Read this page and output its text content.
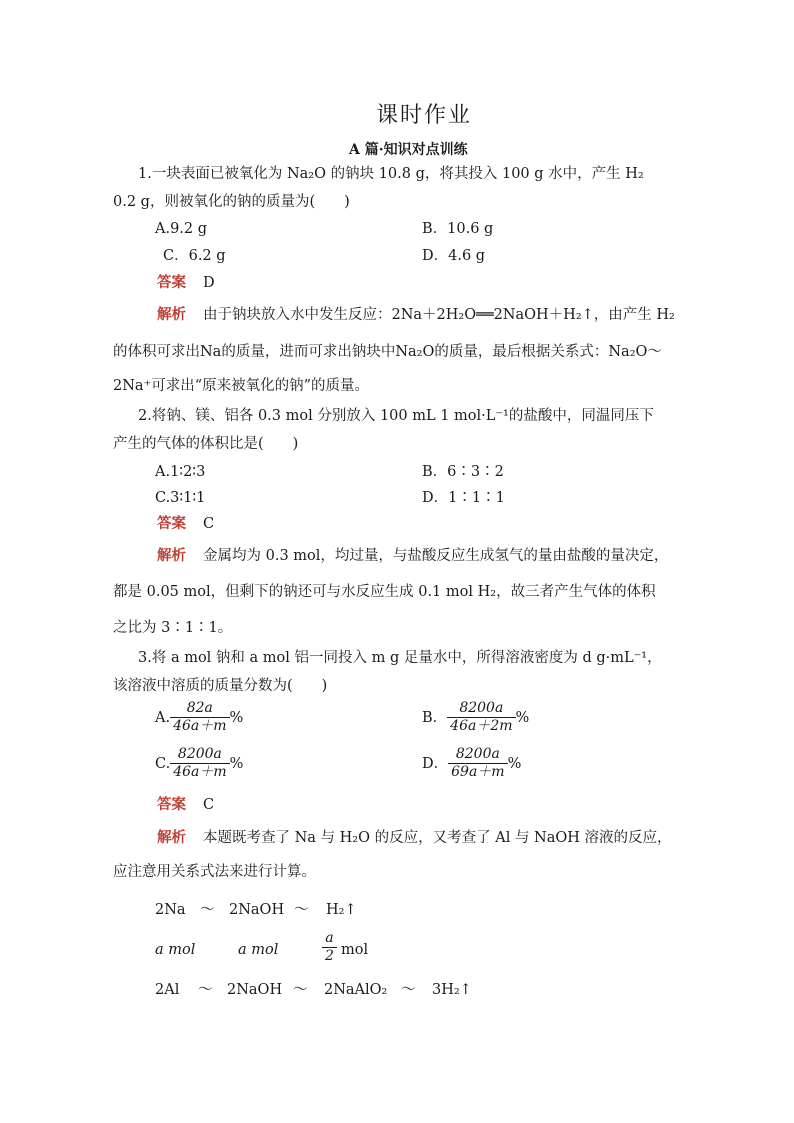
课时作业
A 篇·知识对点训练
1.一块表面已被氧化为 Na₂O 的钠块 10.8 g，将其投入 100 g 水中，产生 H₂
0.2 g，则被氧化的钠的质量为(　　)
A.9.2 g	B．10.6 g
C．6.2 g	D．4.6 g
答案 D
解析 由于钠块放入水中发生反应：2Na＋2H₂O══2NaOH＋H₂↑，由产生 H₂
的体积可求出Na的质量，进而可求出钠块中Na₂O的质量，最后根据关系式：Na₂O～
2Na⁺可求出“原来被氧化的钠”的质量。
2.将钠、镁、铝各 0.3 mol 分别放入 100 mL 1 mol·L⁻¹的盐酸中，同温同压下
产生的气体的体积比是(　　)
A.1∶2∶3	B．6∶3∶2
C.3∶1∶1	D．1∶1∶1
答案 C
解析 金属均为 0.3 mol，均过量，与盐酸反应生成氢气的量由盐酸的量决定，
都是 0.05 mol，但剩下的钠还可与水反应生成 0.1 mol H₂，故三者产生气体的体积
之比为 3∶1∶1。
3.将 a mol 钠和 a mol 铝一同投入 m g 足量水中，所得溶液密度为 d g·mL⁻¹，
该溶液中溶质的质量分数为(　　)
A. $\frac{82a}{46a+m}$ %	B． $\frac{8200a}{46a+2m}$ %
C. $\frac{8200a}{46a+m}$ %	D． $\frac{8200a}{69a+m}$ %
答案 C
解析 本题既考查了 Na 与 H₂O 的反应，又考查了 Al 与 NaOH 溶液的反应，
应注意用关系式法来进行计算。
2Na ～ 2NaOH ～ H₂↑
a mol	a mol	$\frac{a}{2}$ mol
2Al ～ 2NaOH ～ 2NaAlO₂ ～ 3H₂↑
